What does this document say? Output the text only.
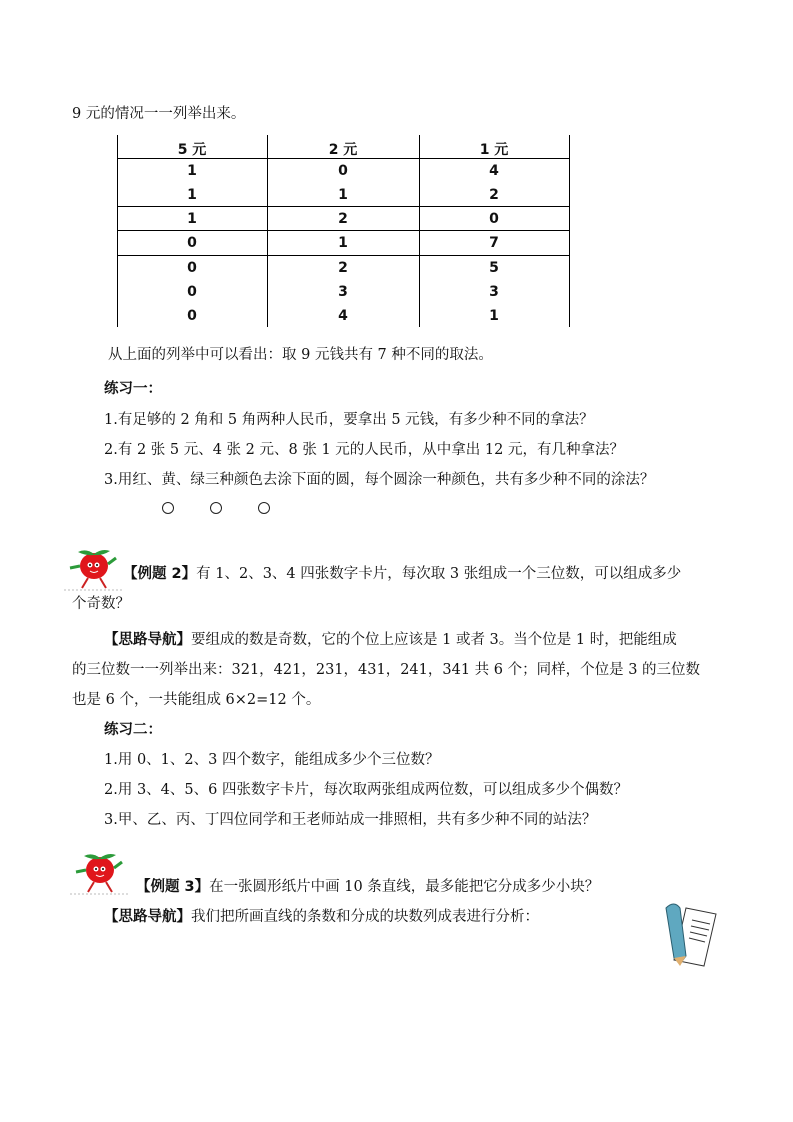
9 元的情况一一列举出来。
5 元	2 元	1 元
1	0	4
1	1	2
1	2	0
0	1	7
0	2	5
0	3	3
0	4	1
从上面的列举中可以看出：取 9 元钱共有 7 种不同的取法。
练习一：
1.有足够的 2 角和 5 角两种人民币，要拿出 5 元钱，有多少种不同的拿法？
2.有 2 张 5 元、4 张 2 元、8 张 1 元的人民币，从中拿出 12 元，有几种拿法？
3.用红、黄、绿三种颜色去涂下面的圆，每个圆涂一种颜色，共有多少种不同的涂法？
【例题 2】有 1、2、3、4 四张数字卡片，每次取 3 张组成一个三位数，可以组成多少
个奇数？
【思路导航】要组成的数是奇数，它的个位上应该是 1 或者 3。当个位是 1 时，把能组成
的三位数一一列举出来：321，421，231，431，241，341 共 6 个；同样，个位是 3 的三位数
也是 6 个，一共能组成 6×2=12 个。
练习二：
1.用 0、1、2、3 四个数字，能组成多少个三位数？
2.用 3、4、5、6 四张数字卡片，每次取两张组成两位数，可以组成多少个偶数？
3.甲、乙、丙、丁四位同学和王老师站成一排照相，共有多少种不同的站法？
【例题 3】在一张圆形纸片中画 10 条直线，最多能把它分成多少小块？
【思路导航】我们把所画直线的条数和分成的块数列成表进行分析：
